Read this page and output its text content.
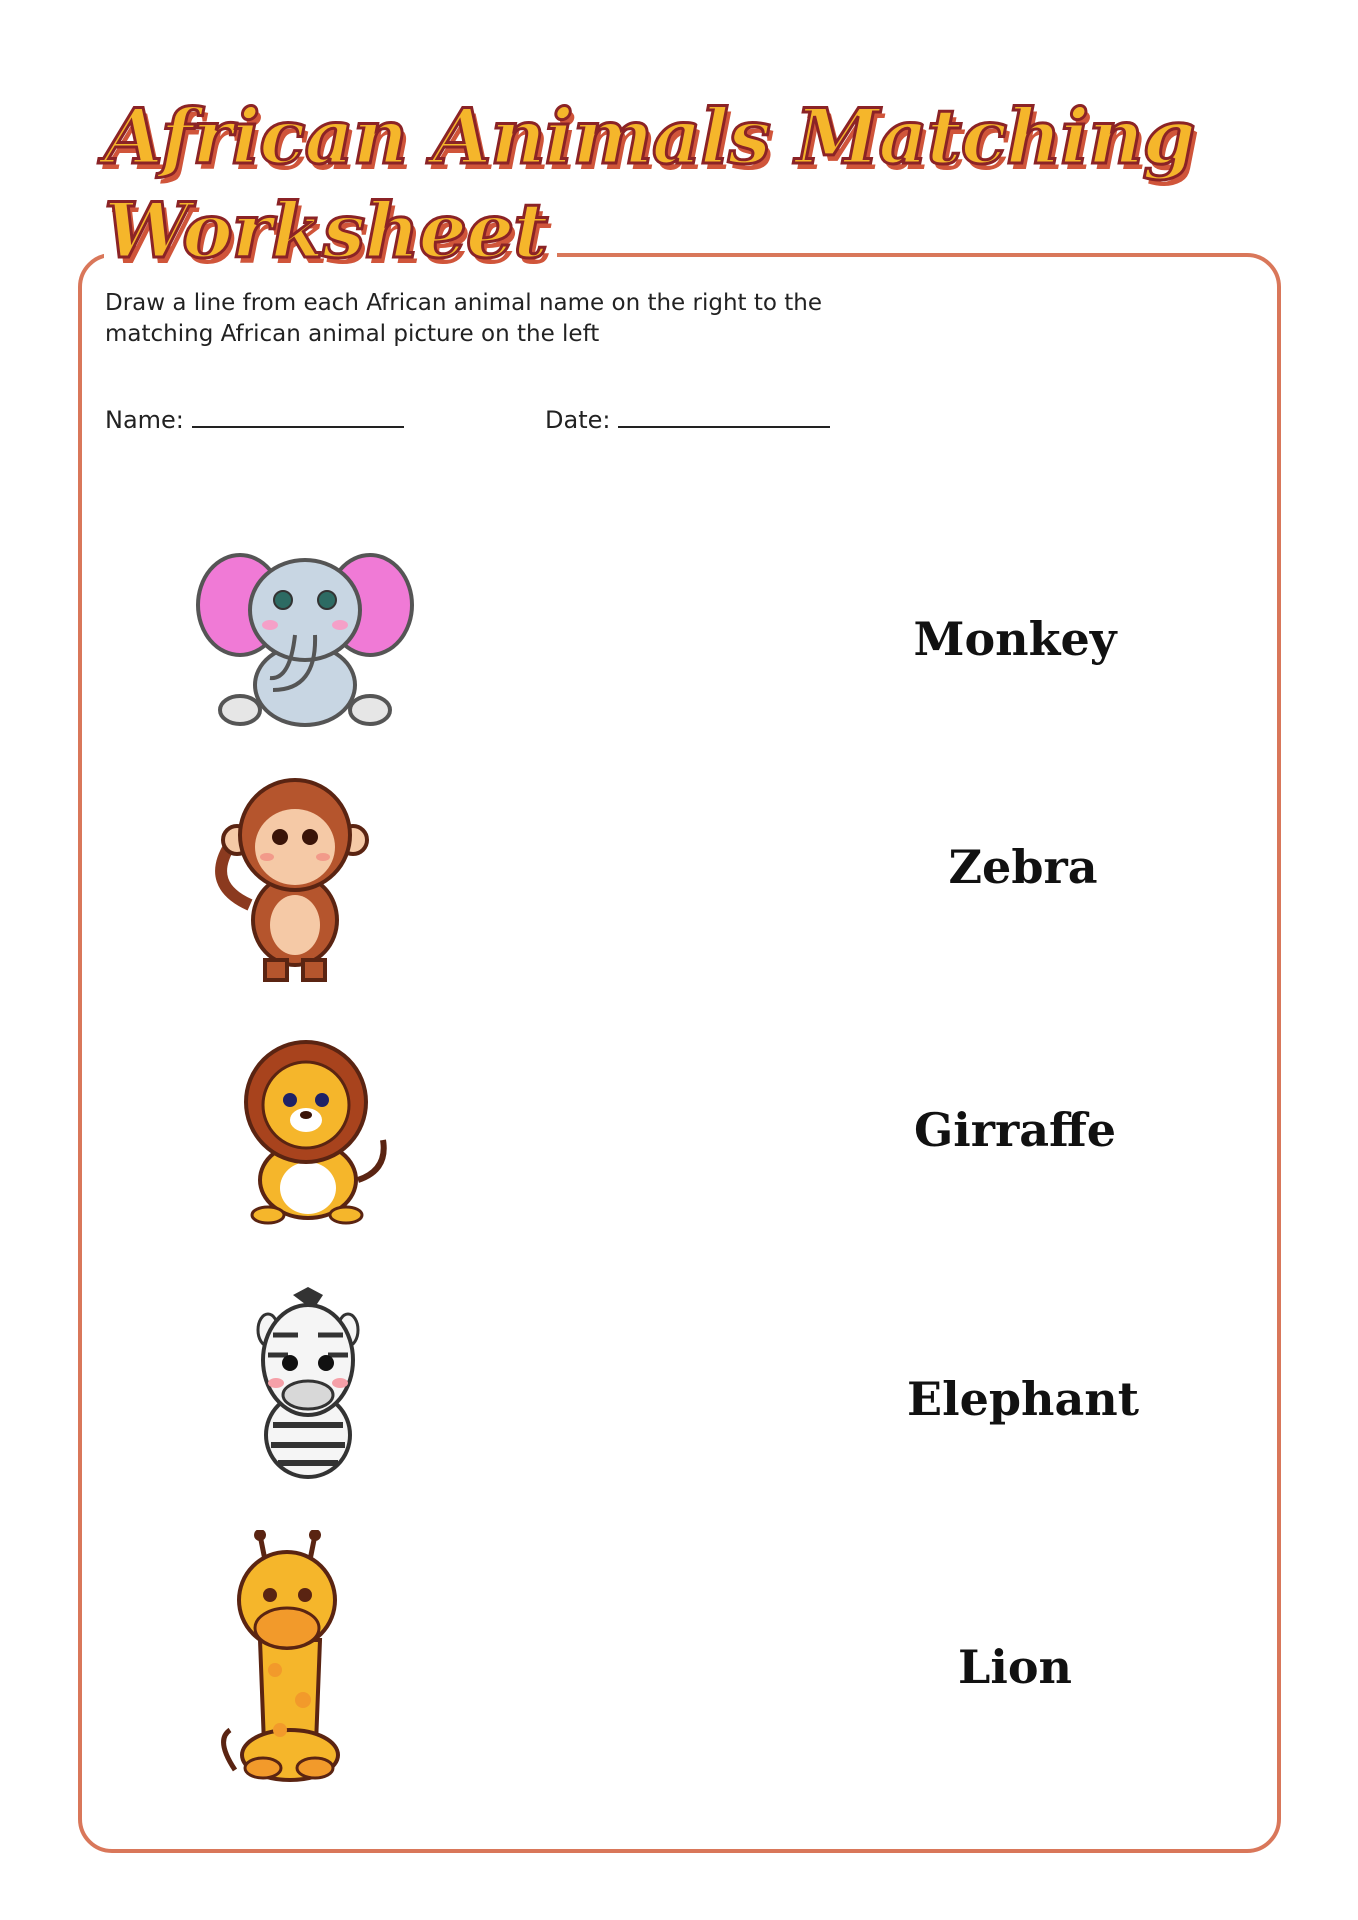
African Animals Matching
Worksheet
Draw a line from each African animal name on the right to the matching African animal picture on the left
Name:	Date:
Monkey
Zebra
Girraffe
Elephant
Lion
